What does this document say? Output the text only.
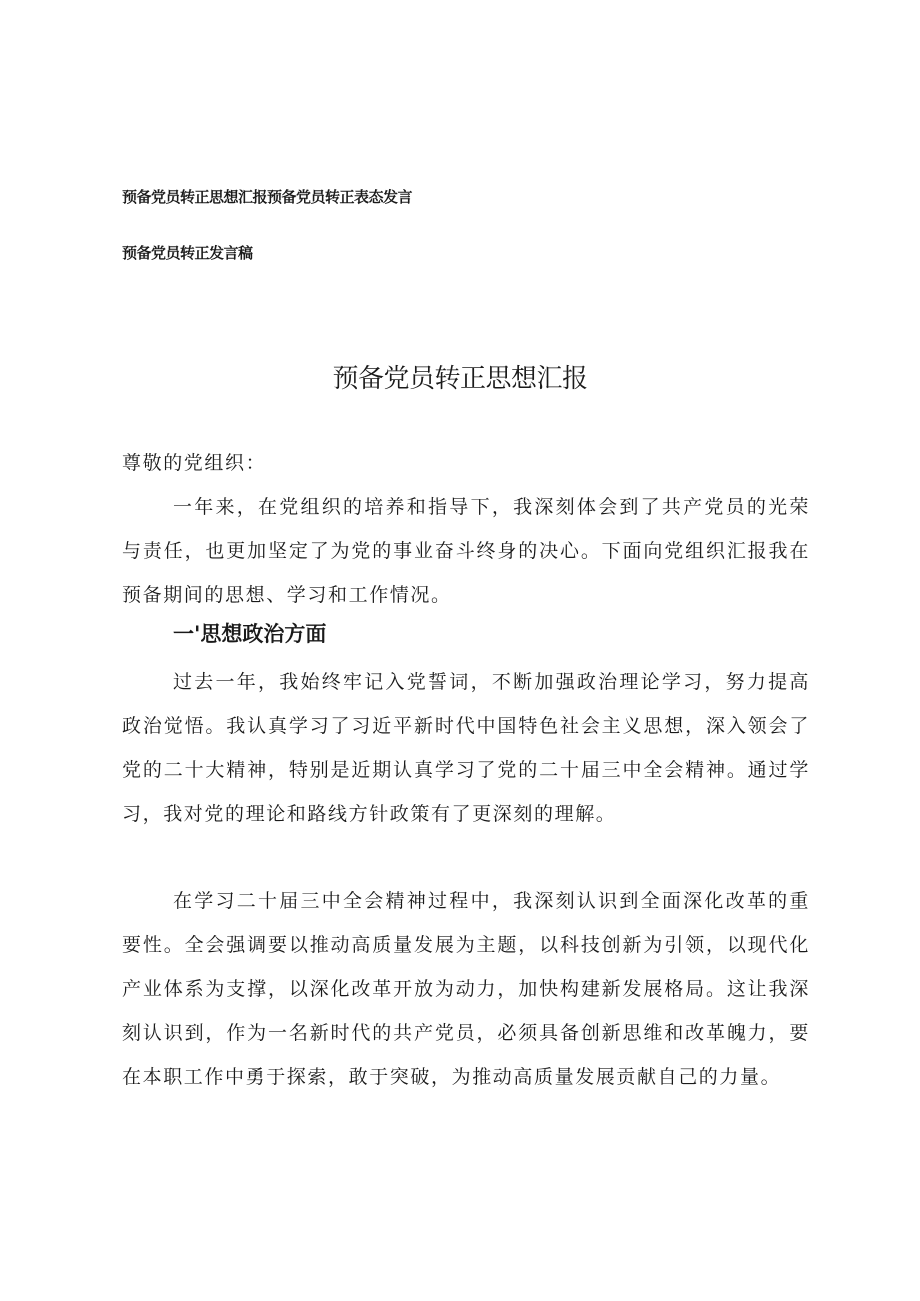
预备党员转正思想汇报预备党员转正表态发言
预备党员转正发言稿
预备党员转正思想汇报

尊敬的党组织：

一年来，在党组织的培养和指导下，我深刻体会到了共产党员的光荣与责任，也更加坚定了为党的事业奋斗终身的决心。下面向党组织汇报我在预备期间的思想、学习和工作情况。

一'思想政治方面

过去一年，我始终牢记入党誓词，不断加强政治理论学习，努力提高政治觉悟。我认真学习了习近平新时代中国特色社会主义思想，深入领会了党的二十大精神，特别是近期认真学习了党的二十届三中全会精神。通过学习，我对党的理论和路线方针政策有了更深刻的理解。

在学习二十届三中全会精神过程中，我深刻认识到全面深化改革的重要性。全会强调要以推动高质量发展为主题，以科技创新为引领，以现代化产业体系为支撑，以深化改革开放为动力，加快构建新发展格局。这让我深刻认识到，作为一名新时代的共产党员，必须具备创新思维和改革魄力，要在本职工作中勇于探索，敢于突破，为推动高质量发展贡献自己的力量。
